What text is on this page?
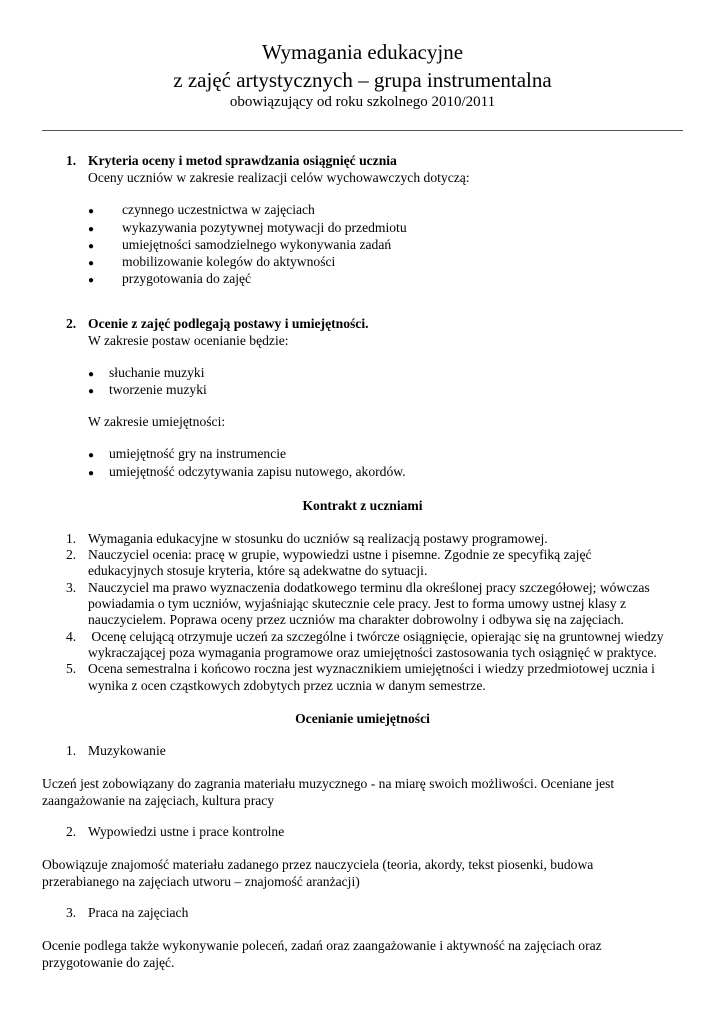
Wymagania edukacyjne
z zajęć artystycznych – grupa instrumentalna
obowiązujący od roku szkolnego 2010/2011
1. Kryteria oceny i metod sprawdzania osiągnięć ucznia
Oceny uczniów w zakresie realizacji celów wychowawczych dotyczą:
● czynnego uczestnictwa w zajęciach
● wykazywania pozytywnej motywacji do przedmiotu
● umiejętności samodzielnego wykonywania zadań
● mobilizowanie kolegów do aktywności
● przygotowania do zajęć
2. Ocenie z zajęć podlegają postawy i umiejętności.
W zakresie postaw ocenianie będzie:
● słuchanie muzyki
● tworzenie muzyki
W zakresie umiejętności:
● umiejętność gry na instrumencie
● umiejętność odczytywania zapisu nutowego, akordów.
Kontrakt z uczniami
1. Wymagania edukacyjne w stosunku do uczniów są realizacją postawy programowej.
2. Nauczyciel ocenia: pracę w grupie, wypowiedzi ustne i pisemne. Zgodnie ze specyfiką zajęć
edukacyjnych stosuje kryteria, które są adekwatne do sytuacji.
3. Nauczyciel ma prawo wyznaczenia dodatkowego terminu dla określonej pracy szczegółowej; wówczas
powiadamia o tym uczniów, wyjaśniając skutecznie cele pracy. Jest to forma umowy ustnej klasy z
nauczycielem. Poprawa oceny przez uczniów ma charakter dobrowolny i odbywa się na zajęciach.
4. Ocenę celującą otrzymuje uczeń za szczególne i twórcze osiągnięcie, opierając się na gruntownej wiedzy
wykraczającej poza wymagania programowe oraz umiejętności zastosowania tych osiągnięć w praktyce.
5. Ocena semestralna i końcowo roczna jest wyznacznikiem umiejętności i wiedzy przedmiotowej ucznia i
wynika z ocen cząstkowych zdobytych przez ucznia w danym semestrze.
Ocenianie umiejętności
1. Muzykowanie
Uczeń jest zobowiązany do zagrania materiału muzycznego - na miarę swoich możliwości. Oceniane jest
zaangażowanie na zajęciach, kultura pracy
2. Wypowiedzi ustne i prace kontrolne
Obowiązuje znajomość materiału zadanego przez nauczyciela (teoria, akordy, tekst piosenki, budowa
przerabianego na zajęciach utworu – znajomość aranżacji)
3. Praca na zajęciach
Ocenie podlega także wykonywanie poleceń, zadań oraz zaangażowanie i aktywność na zajęciach oraz
przygotowanie do zajęć.
